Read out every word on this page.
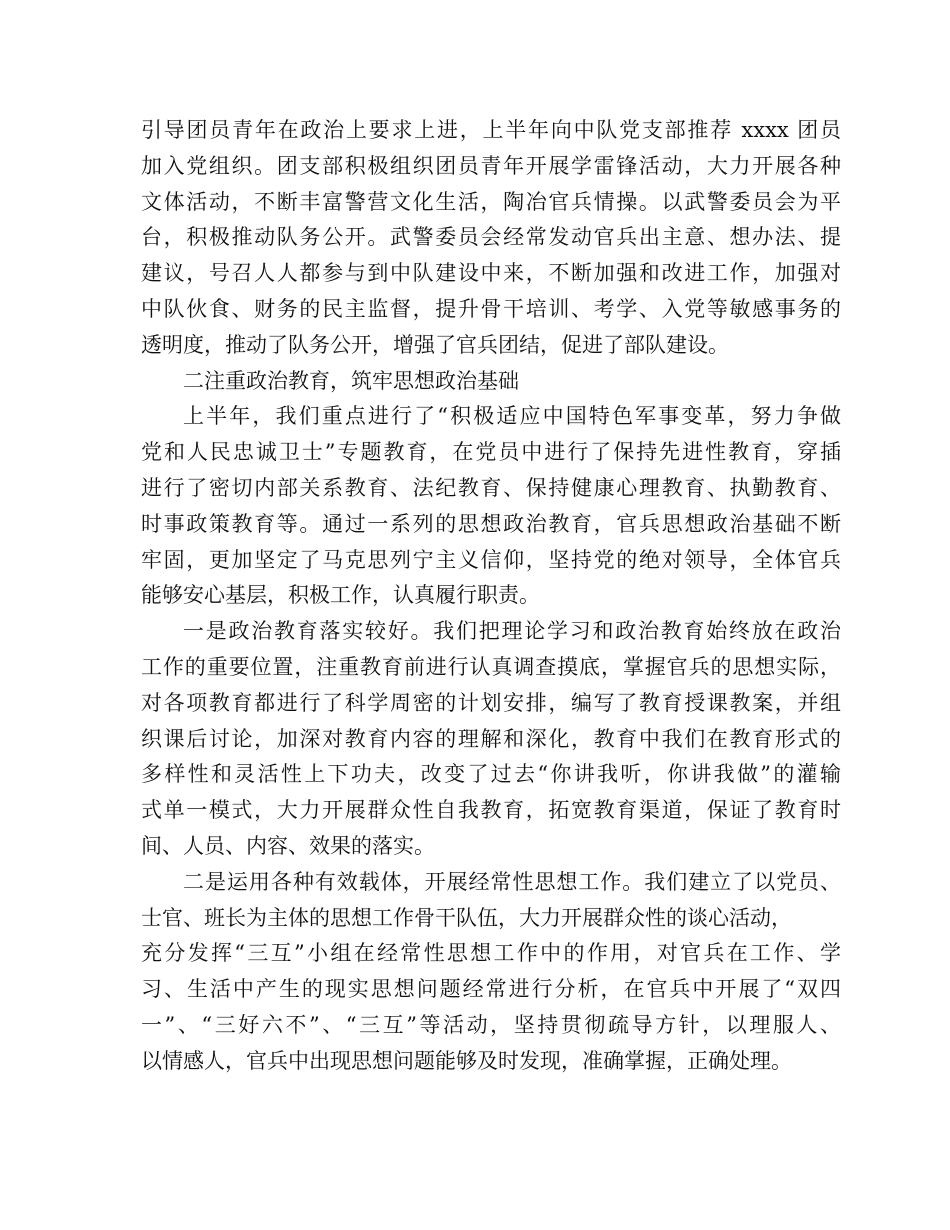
引导团员青年在政治上要求上进，上半年向中队党支部推荐 xxxx 团员
加入党组织。团支部积极组织团员青年开展学雷锋活动，大力开展各种
文体活动，不断丰富警营文化生活，陶冶官兵情操。以武警委员会为平
台，积极推动队务公开。武警委员会经常发动官兵出主意、想办法、提
建议，号召人人都参与到中队建设中来，不断加强和改进工作，加强对
中队伙食、财务的民主监督，提升骨干培训、考学、入党等敏感事务的
透明度，推动了队务公开，增强了官兵团结，促进了部队建设。
二注重政治教育，筑牢思想政治基础
上半年，我们重点进行了“积极适应中国特色军事变革，努力争做
党和人民忠诚卫士”专题教育，在党员中进行了保持先进性教育，穿插
进行了密切内部关系教育、法纪教育、保持健康心理教育、执勤教育、
时事政策教育等。通过一系列的思想政治教育，官兵思想政治基础不断
牢固，更加坚定了马克思列宁主义信仰，坚持党的绝对领导，全体官兵
能够安心基层，积极工作，认真履行职责。
一是政治教育落实较好。我们把理论学习和政治教育始终放在政治
工作的重要位置，注重教育前进行认真调查摸底，掌握官兵的思想实际，
对各项教育都进行了科学周密的计划安排，编写了教育授课教案，并组
织课后讨论，加深对教育内容的理解和深化，教育中我们在教育形式的
多样性和灵活性上下功夫，改变了过去“你讲我听，你讲我做”的灌输
式单一模式，大力开展群众性自我教育，拓宽教育渠道，保证了教育时
间、人员、内容、效果的落实。
二是运用各种有效载体，开展经常性思想工作。我们建立了以党员、
士官、班长为主体的思想工作骨干队伍，大力开展群众性的谈心活动，
充分发挥“三互”小组在经常性思想工作中的作用，对官兵在工作、学
习、生活中产生的现实思想问题经常进行分析，在官兵中开展了“双四
一”、“三好六不”、“三互”等活动，坚持贯彻疏导方针，以理服人、
以情感人，官兵中出现思想问题能够及时发现，准确掌握，正确处理。
